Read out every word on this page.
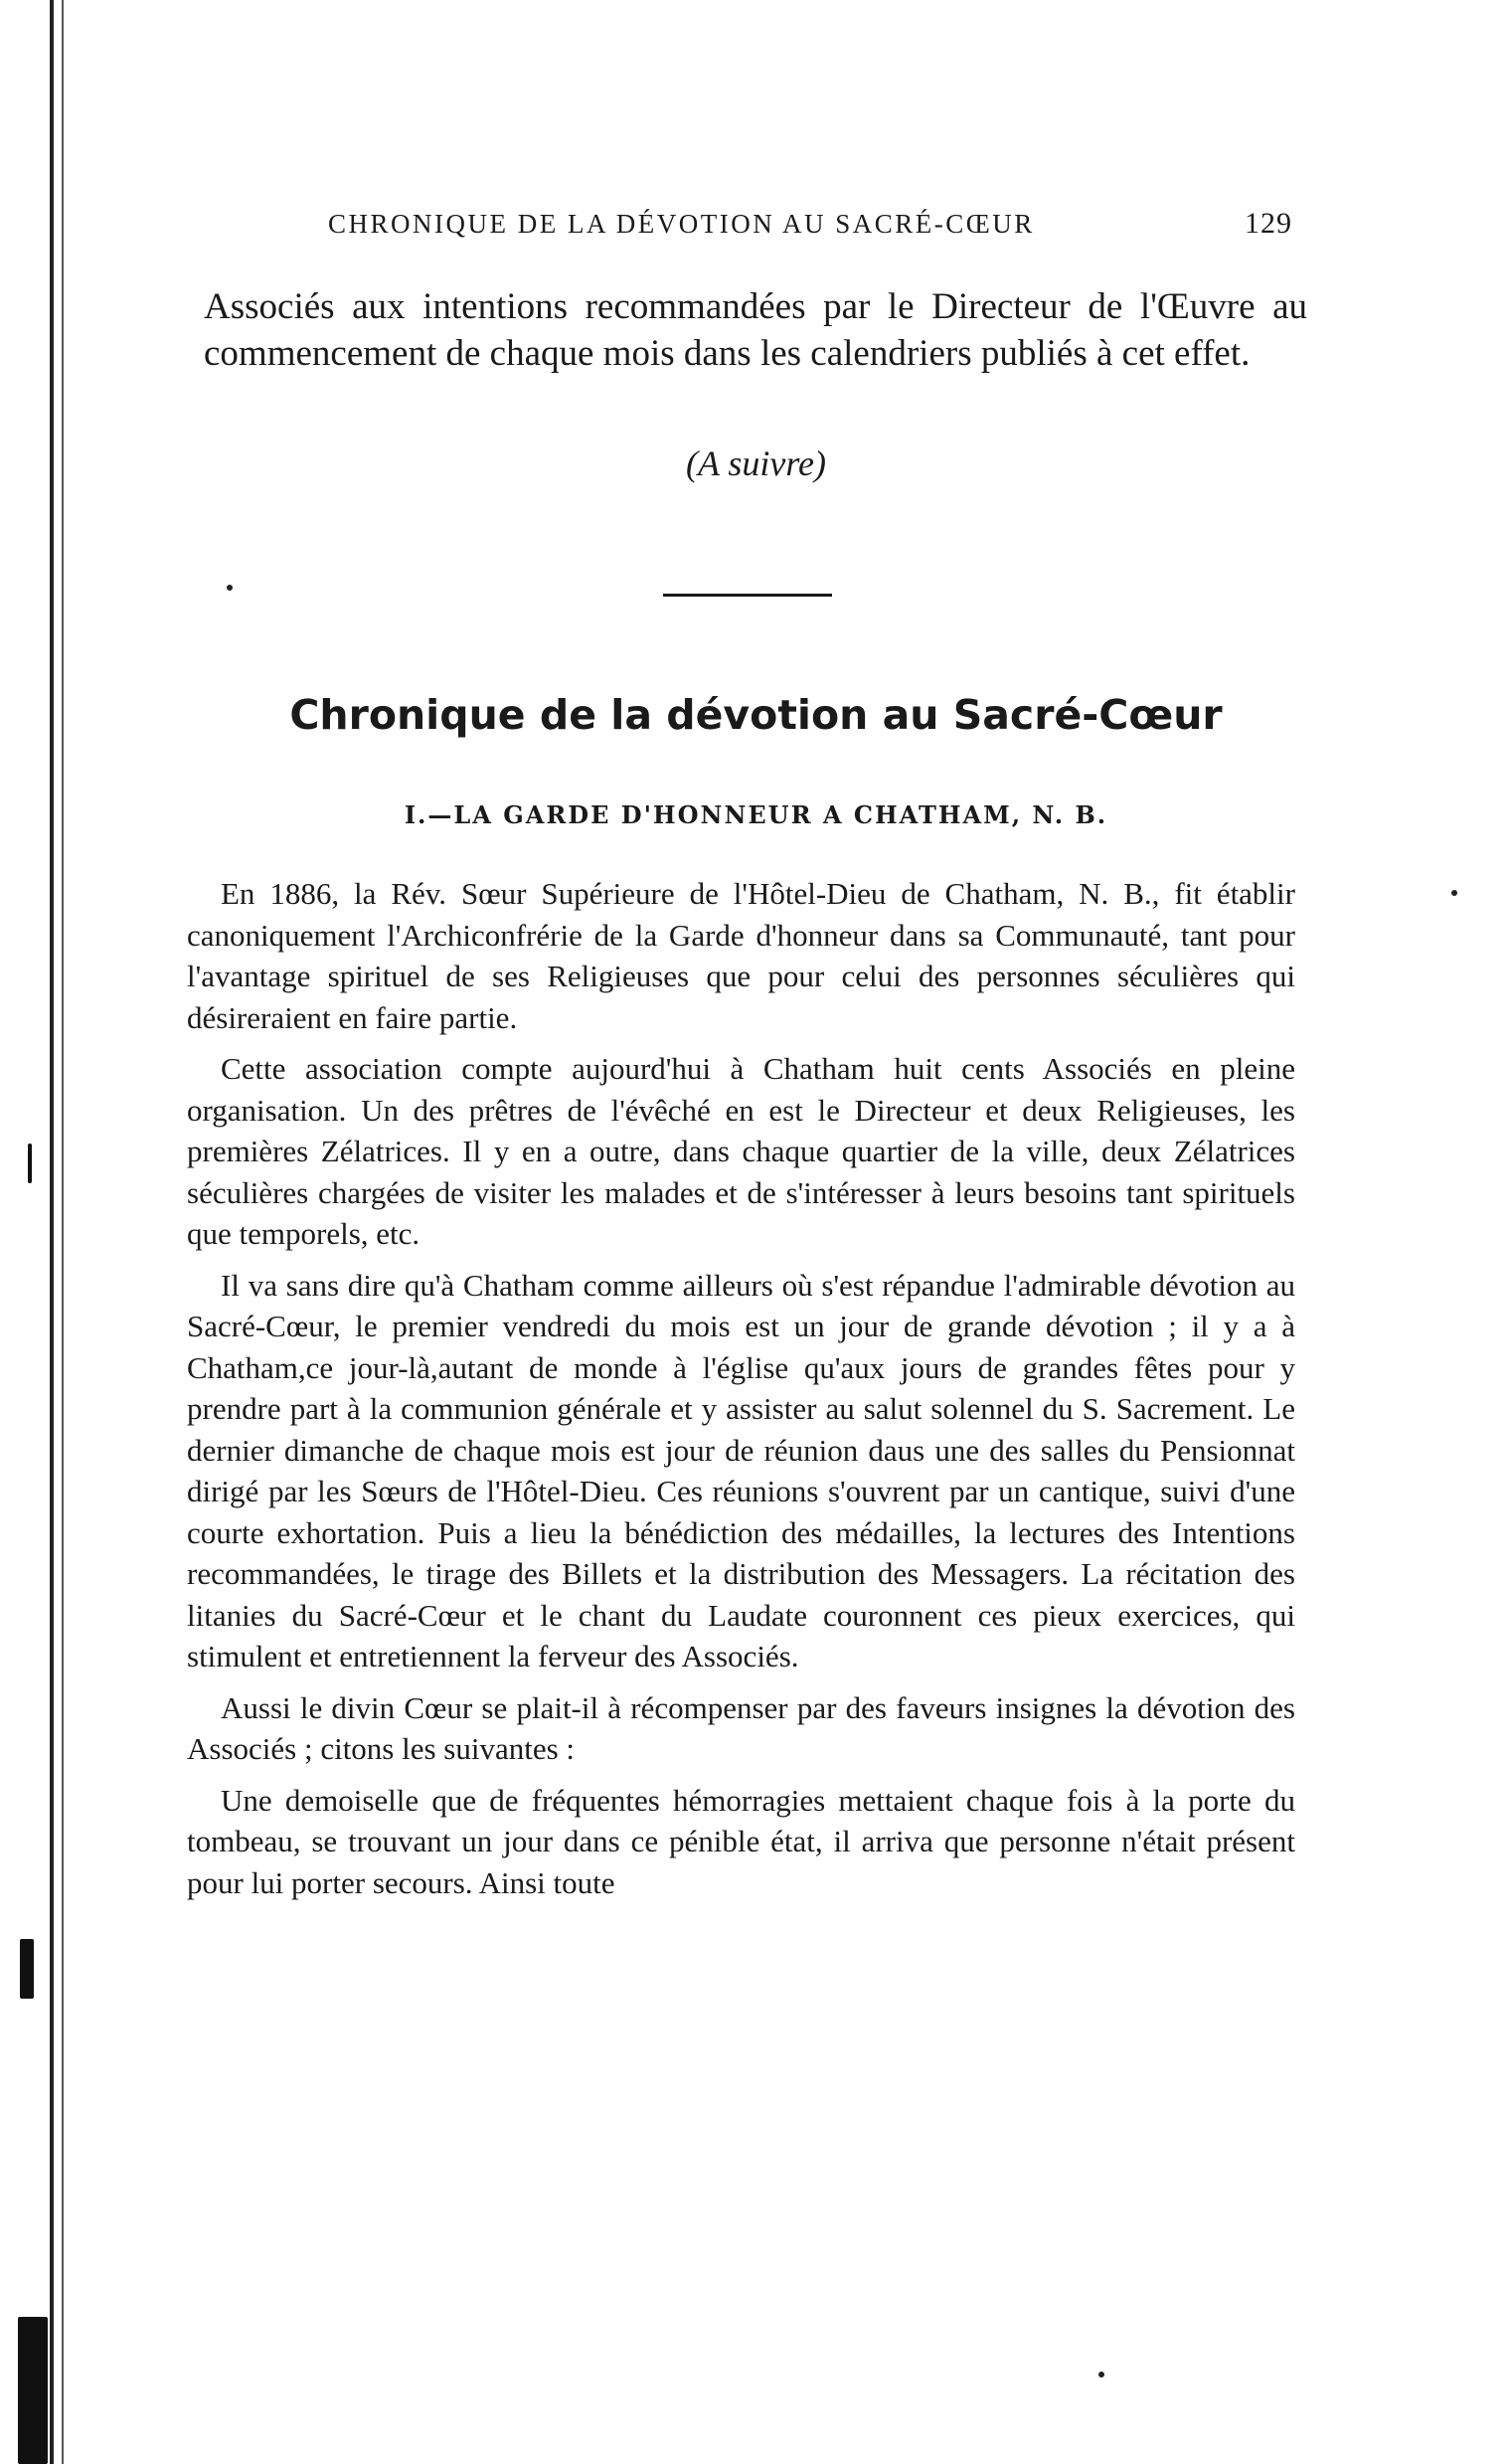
CHRONIQUE DE LA DÉVOTION AU SACRÉ-CŒUR	129

Associés aux intentions recommandées par le Directeur de l'Œuvre au commencement de chaque mois dans les calendriers publiés à cet effet.

(A suivre)
Chronique de la dévotion au Sacré-Cœur
I.—LA GARDE D'HONNEUR A CHATHAM, N. B.

En 1886, la Rév. Sœur Supérieure de l'Hôtel-Dieu de Chatham, N. B., fit établir canoniquement l'Archiconfrérie de la Garde d'honneur dans sa Communauté, tant pour l'avantage spirituel de ses Religieuses que pour celui des personnes séculières qui désireraient en faire partie.

Cette association compte aujourd'hui à Chatham huit cents Associés en pleine organisation. Un des prêtres de l'évêché en est le Directeur et deux Religieuses, les premières Zélatrices. Il y en a outre, dans chaque quartier de la ville, deux Zélatrices séculières chargées de visiter les malades et de s'intéresser à leurs besoins tant spirituels que temporels, etc.

Il va sans dire qu'à Chatham comme ailleurs où s'est répandue l'admirable dévotion au Sacré-Cœur, le premier vendredi du mois est un jour de grande dévotion ; il y a à Chatham,ce jour-là,autant de monde à l'église qu'aux jours de grandes fêtes pour y prendre part à la communion générale et y assister au salut solennel du S. Sacrement. Le dernier dimanche de chaque mois est jour de réunion daus une des salles du Pensionnat dirigé par les Sœurs de l'Hôtel-Dieu. Ces réunions s'ouvrent par un cantique, suivi d'une courte exhortation. Puis a lieu la bénédiction des médailles, la lectures des Intentions recommandées, le tirage des Billets et la distribution des Messagers. La récitation des litanies du Sacré-Cœur et le chant du Laudate couronnent ces pieux exercices, qui stimulent et entretiennent la ferveur des Associés.

Aussi le divin Cœur se plait-il à récompenser par des faveurs insignes la dévotion des Associés ; citons les suivantes :

Une demoiselle que de fréquentes hémorragies mettaient chaque fois à la porte du tombeau, se trouvant un jour dans ce pénible état, il arriva que personne n'était présent pour lui porter secours. Ainsi toute
